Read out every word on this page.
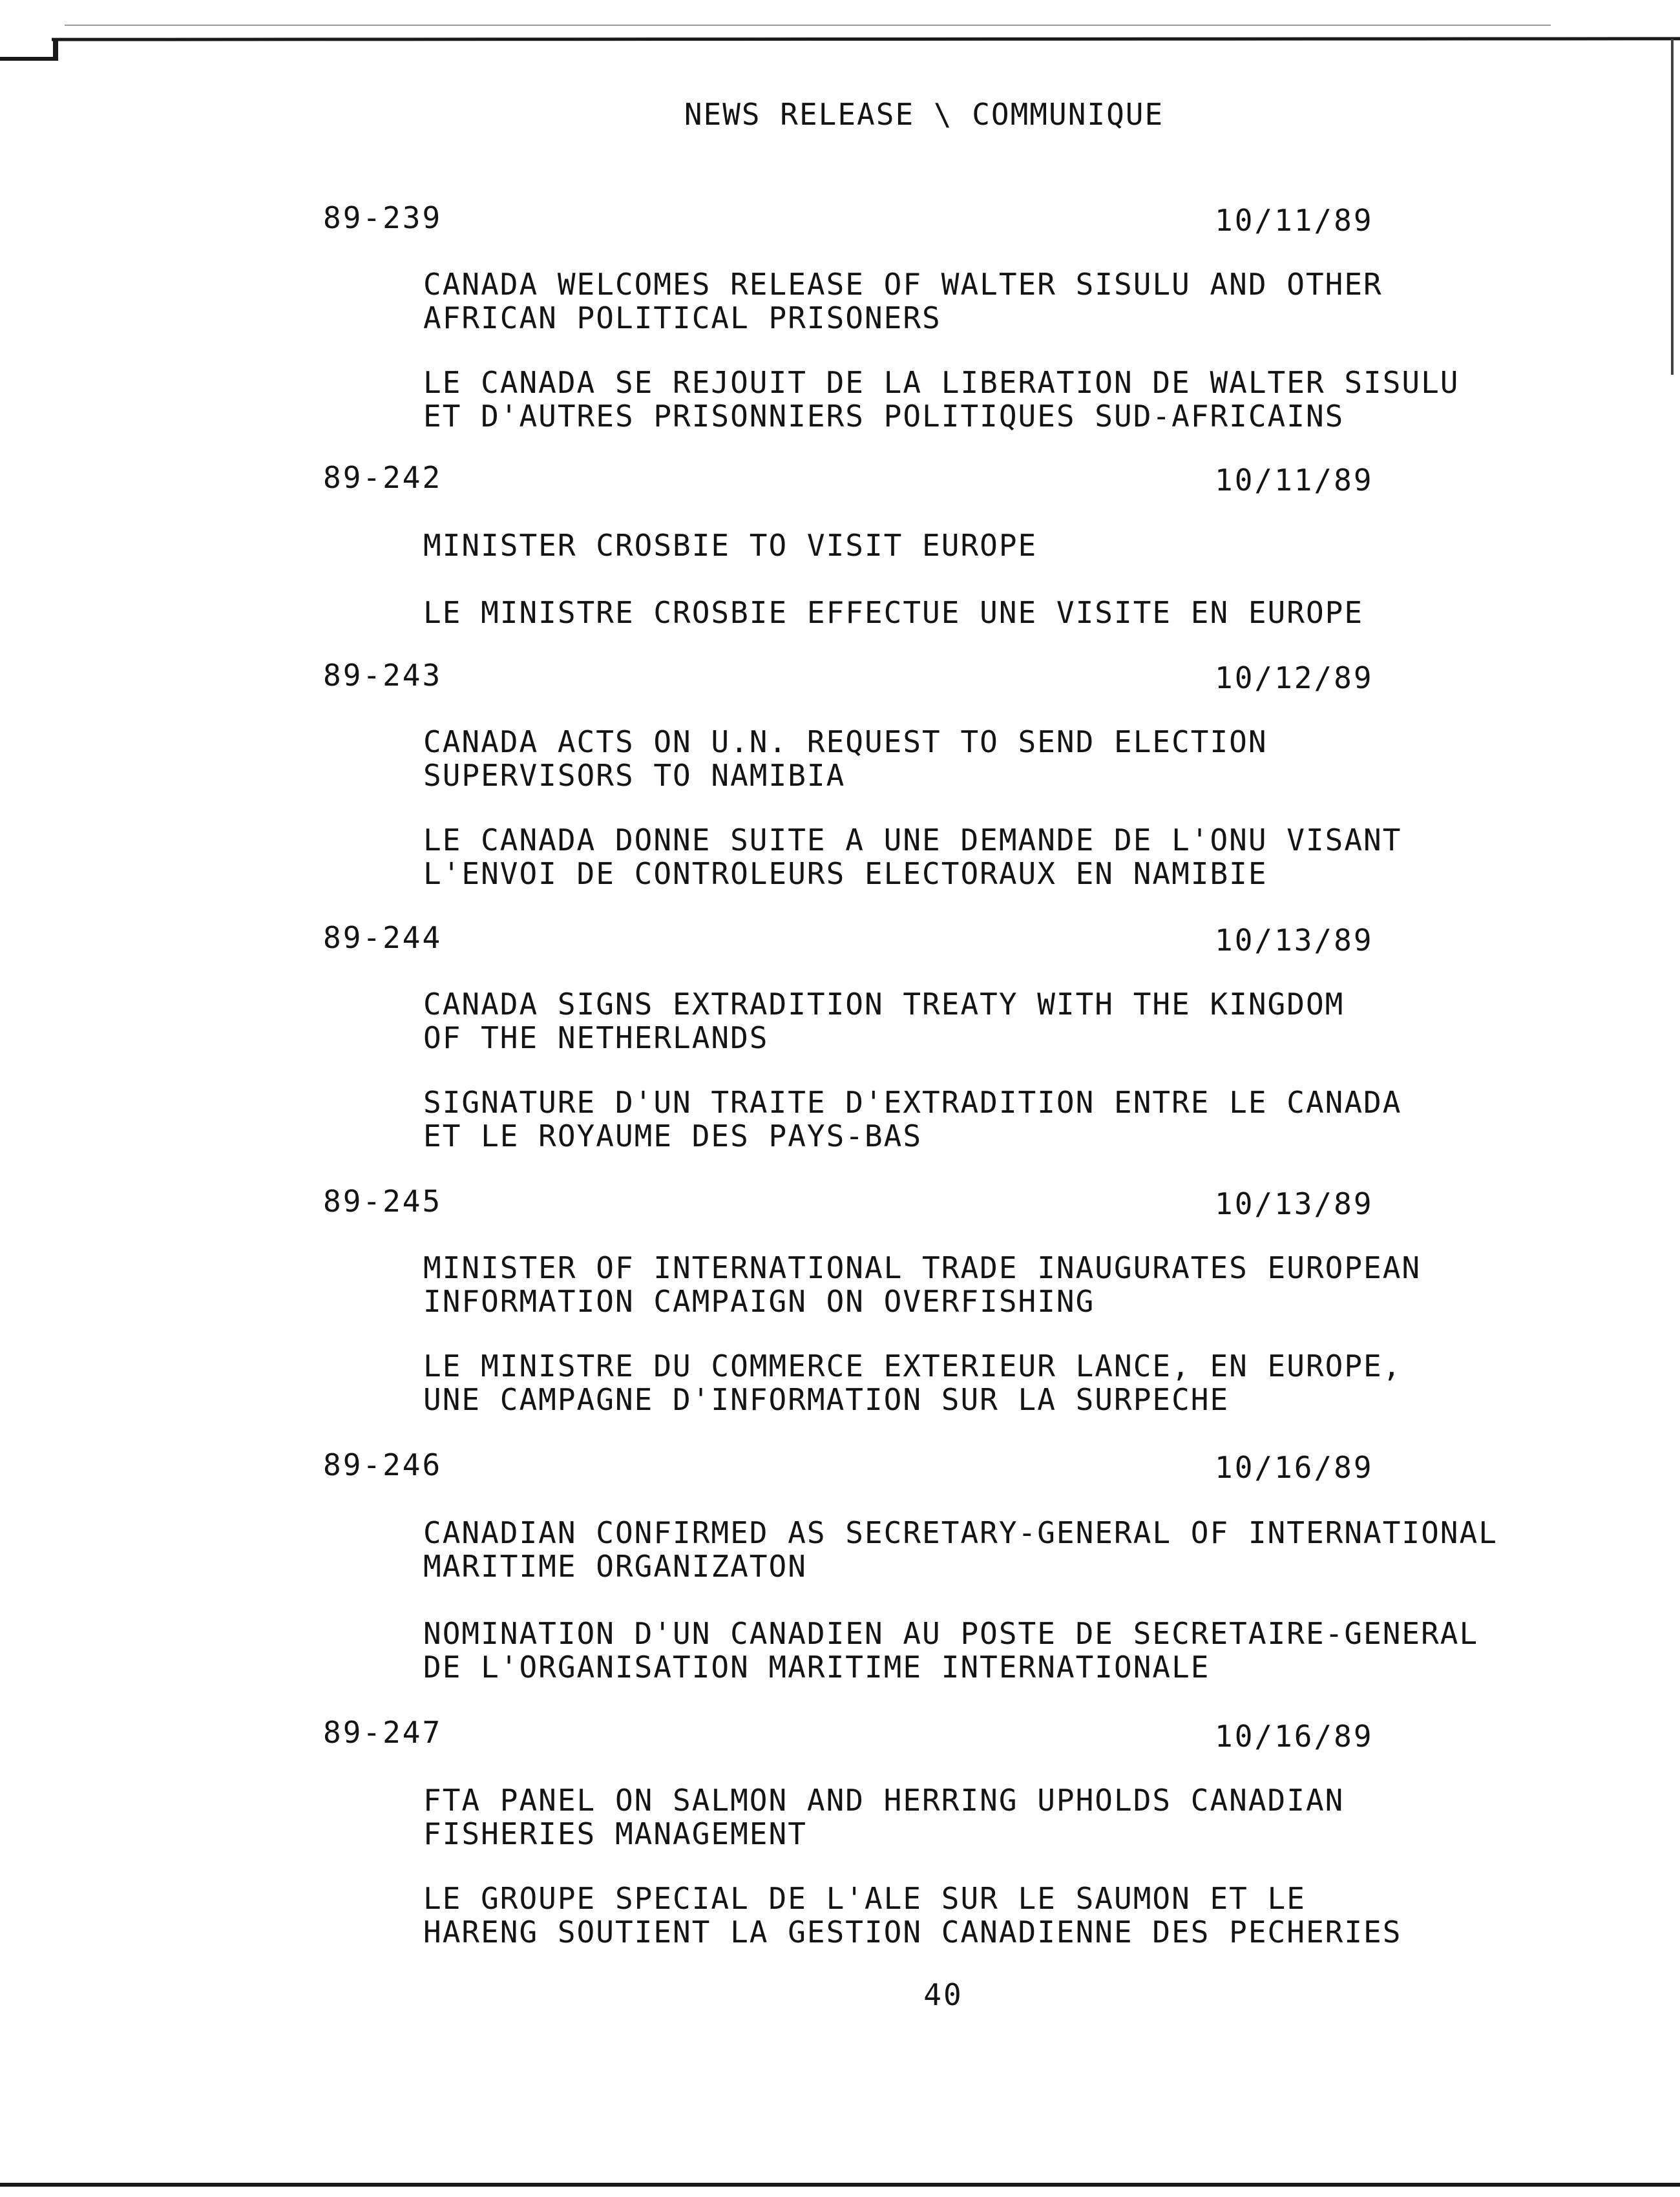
NEWS RELEASE \ COMMUNIQUE
89-239	10/11/89
CANADA WELCOMES RELEASE OF WALTER SISULU AND OTHER
AFRICAN POLITICAL PRISONERS
LE CANADA SE REJOUIT DE LA LIBERATION DE WALTER SISULU
ET D'AUTRES PRISONNIERS POLITIQUES SUD-AFRICAINS
89-242	10/11/89
MINISTER CROSBIE TO VISIT EUROPE
LE MINISTRE CROSBIE EFFECTUE UNE VISITE EN EUROPE
89-243	10/12/89
CANADA ACTS ON U.N. REQUEST TO SEND ELECTION
SUPERVISORS TO NAMIBIA
LE CANADA DONNE SUITE A UNE DEMANDE DE L'ONU VISANT
L'ENVOI DE CONTROLEURS ELECTORAUX EN NAMIBIE
89-244	10/13/89
CANADA SIGNS EXTRADITION TREATY WITH THE KINGDOM
OF THE NETHERLANDS
SIGNATURE D'UN TRAITE D'EXTRADITION ENTRE LE CANADA
ET LE ROYAUME DES PAYS-BAS
89-245	10/13/89
MINISTER OF INTERNATIONAL TRADE INAUGURATES EUROPEAN
INFORMATION CAMPAIGN ON OVERFISHING
LE MINISTRE DU COMMERCE EXTERIEUR LANCE, EN EUROPE,
UNE CAMPAGNE D'INFORMATION SUR LA SURPECHE
89-246	10/16/89
CANADIAN CONFIRMED AS SECRETARY-GENERAL OF INTERNATIONAL
MARITIME ORGANIZATON
NOMINATION D'UN CANADIEN AU POSTE DE SECRETAIRE-GENERAL
DE L'ORGANISATION MARITIME INTERNATIONALE
89-247	10/16/89
FTA PANEL ON SALMON AND HERRING UPHOLDS CANADIAN
FISHERIES MANAGEMENT
LE GROUPE SPECIAL DE L'ALE SUR LE SAUMON ET LE
HARENG SOUTIENT LA GESTION CANADIENNE DES PECHERIES
40
